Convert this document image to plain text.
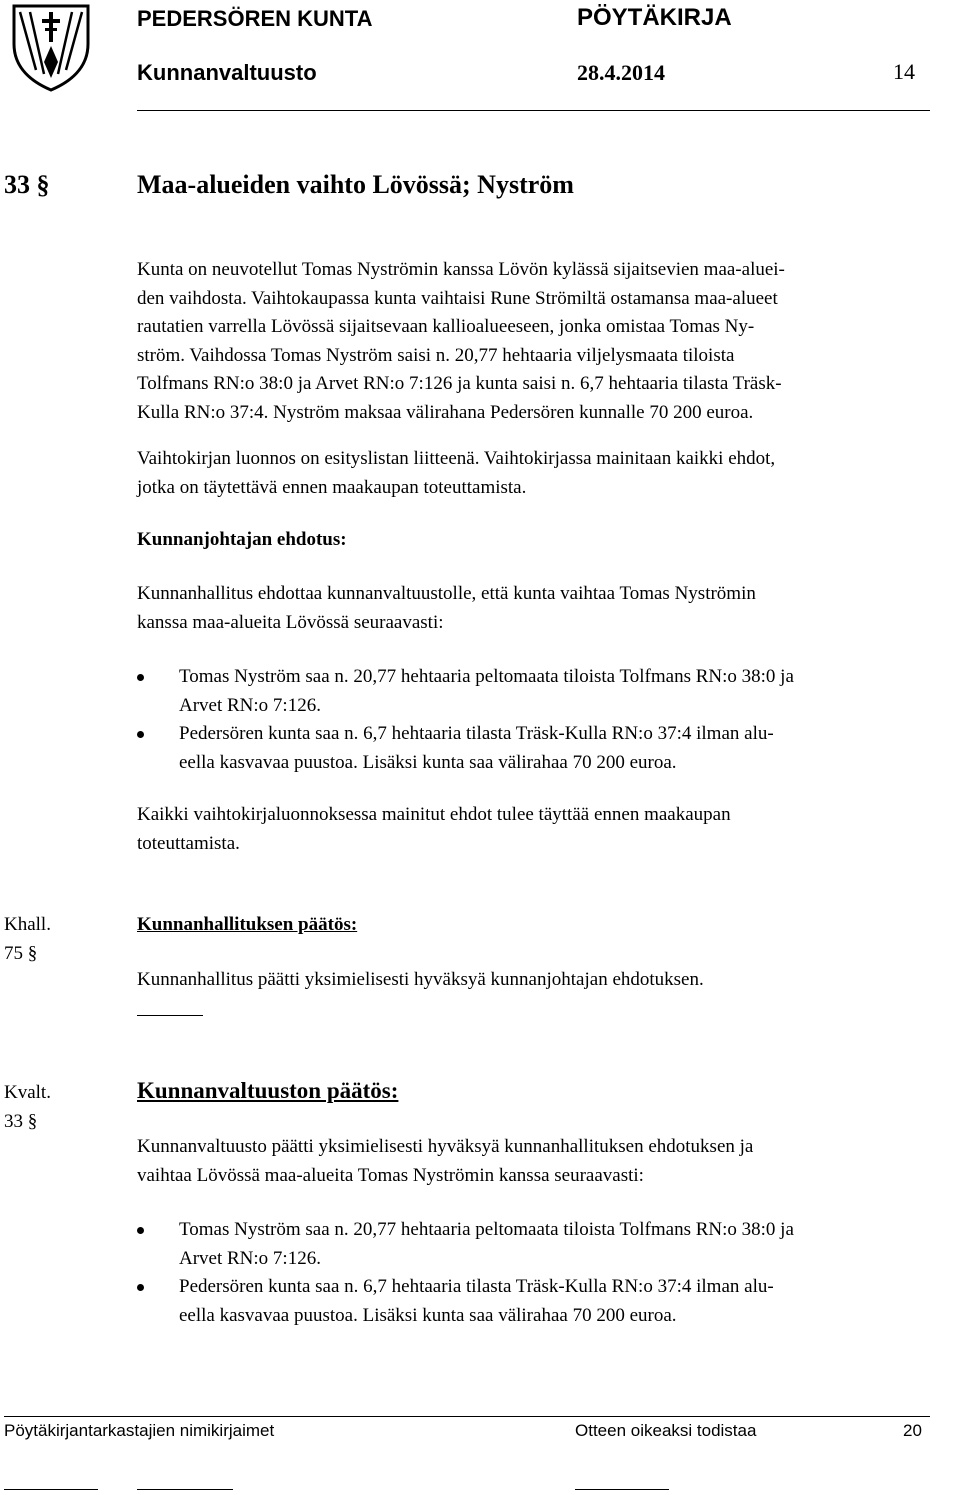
PEDERSÖREN KUNTA	PÖYTÄKIRJA
Kunnanvaltuusto	28.4.2014	14
33 §	Maa-alueiden vaihto Lövössä; Nyström
Kunta on neuvotellut Tomas Nyströmin kanssa Lövön kylässä sijaitsevien maa-aluei-
den vaihdosta. Vaihtokaupassa kunta vaihtaisi Rune Strömiltä ostamansa maa-alueet
rautatien varrella Lövössä sijaitsevaan kallioalueeseen, jonka omistaa Tomas Ny-
ström. Vaihdossa Tomas Nyström saisi n. 20,77 hehtaaria viljelysmaata tiloista
Tolfmans RN:o 38:0 ja Arvet RN:o 7:126 ja kunta saisi n. 6,7 hehtaaria tilasta Träsk-
Kulla RN:o 37:4. Nyström maksaa välirahana Pedersören kunnalle 70 200 euroa.
Vaihtokirjan luonnos on esityslistan liitteenä. Vaihtokirjassa mainitaan kaikki ehdot,
jotka on täytettävä ennen maakaupan toteuttamista.
Kunnanjohtajan ehdotus:
Kunnanhallitus ehdottaa kunnanvaltuustolle, että kunta vaihtaa Tomas Nyströmin
kanssa maa-alueita Lövössä seuraavasti:
Tomas Nyström saa n. 20,77 hehtaaria peltomaata tiloista Tolfmans RN:o 38:0 ja
Arvet RN:o 7:126.
Pedersören kunta saa n. 6,7 hehtaaria tilasta Träsk-Kulla RN:o 37:4 ilman alu-
eella kasvavaa puustoa. Lisäksi kunta saa välirahaa 70 200 euroa.
Kaikki vaihtokirjaluonnoksessa mainitut ehdot tulee täyttää ennen maakaupan
toteuttamista.
Khall.
75 §
Kunnanhallituksen päätös:
Kunnanhallitus päätti yksimielisesti hyväksyä kunnanjohtajan ehdotuksen.
Kvalt.
33 §
Kunnanvaltuuston päätös:
Kunnanvaltuusto päätti yksimielisesti hyväksyä kunnanhallituksen ehdotuksen ja
vaihtaa Lövössä maa-alueita Tomas Nyströmin kanssa seuraavasti:
Tomas Nyström saa n. 20,77 hehtaaria peltomaata tiloista Tolfmans RN:o 38:0 ja
Arvet RN:o 7:126.
Pedersören kunta saa n. 6,7 hehtaaria tilasta Träsk-Kulla RN:o 37:4 ilman alu-
eella kasvavaa puustoa. Lisäksi kunta saa välirahaa 70 200 euroa.
Pöytäkirjantarkastajien nimikirjaimet	Otteen oikeaksi todistaa	20
